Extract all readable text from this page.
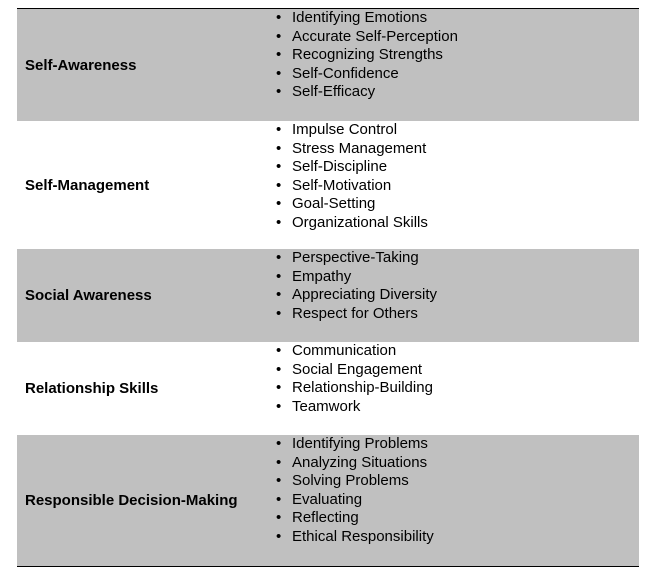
Self-Awareness
• Identifying Emotions
• Accurate Self-Perception
• Recognizing Strengths
• Self-Confidence
• Self-Efficacy
Self-Management
• Impulse Control
• Stress Management
• Self-Discipline
• Self-Motivation
• Goal-Setting
• Organizational Skills
Social Awareness
• Perspective-Taking
• Empathy
• Appreciating Diversity
• Respect for Others
Relationship Skills
• Communication
• Social Engagement
• Relationship-Building
• Teamwork
Responsible Decision-Making
• Identifying Problems
• Analyzing Situations
• Solving Problems
• Evaluating
• Reflecting
• Ethical Responsibility
